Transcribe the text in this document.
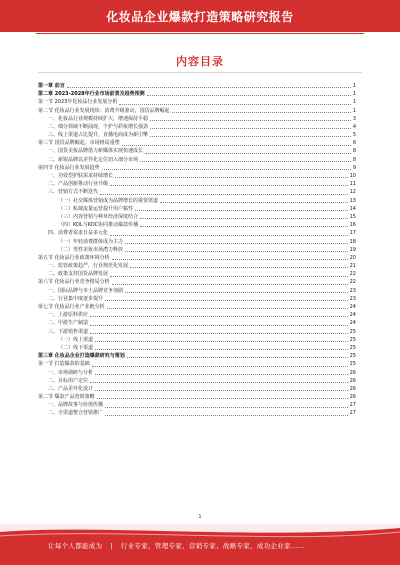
化妆品企业爆款打造策略研究报告
内容目录
第一章 前言	1
第二章 2023-2028年行业市场前景及趋势预测	1
第一节 2023年化妆品行业发展分析	1
第二节 化妆品行业发展现状：消费升级驱动，国货品牌崛起	1
一、化妆品行业规模持续扩大，增速保持平稳	3
二、细分领域不断涌现，个护与彩妆增长强劲	4
三、线上渠道占比提升，直播电商成为新引擎	5
第三节 国货品牌崛起，市场格局重塑	6
一、国货美妆品牌借力新媒体实现快速成长	8
二、新锐品牌以差异化定位切入细分市场	8
第四节 化妆品行业发展趋势	9
一、功效型护肤需求持续增长	10
二、产品创新推动行业升级	11
三、营销方式不断迭代	12
（一）社交媒体营销成为品牌增长的重要渠道	13
（二）私域流量运营提升用户黏性	14
（三）内容营销与种草经济深度结合	15
（四）KOL与KOC协同推动爆款传播	16
四、消费者需求日益多元化	17
（一）年轻消费群体成为主力	18
（二）男性美妆市场潜力释放	19
第五节 化妆品行业政策环境分析	20
一、监管政策趋严，行业规范化发展	21
二、政策支持国货品牌发展	22
第六节 化妆品行业竞争格局分析	22
一、国际品牌与本土品牌竞争加剧	23
二、行业集中度逐步提升	23
第七节 化妆品行业产业链分析	24
一、上游原料供应	24
二、中游生产制造	24
三、下游销售渠道	25
（一）线上渠道	25
（二）线下渠道	25
第三章 化妆品企业打造爆款研究与策划	25
第一节 打造爆款的基础	25
一、市场调研与分析	26
二、目标用户定位	26
三、产品差异化设计	26
第二节 爆款产品营销策略	26
一、品牌故事与价值传播	27
二、全渠道整合营销推广	27
1
让每个人都能成为 | 行业专家、管理专家、营销专家、战略专家、成功企业家……
